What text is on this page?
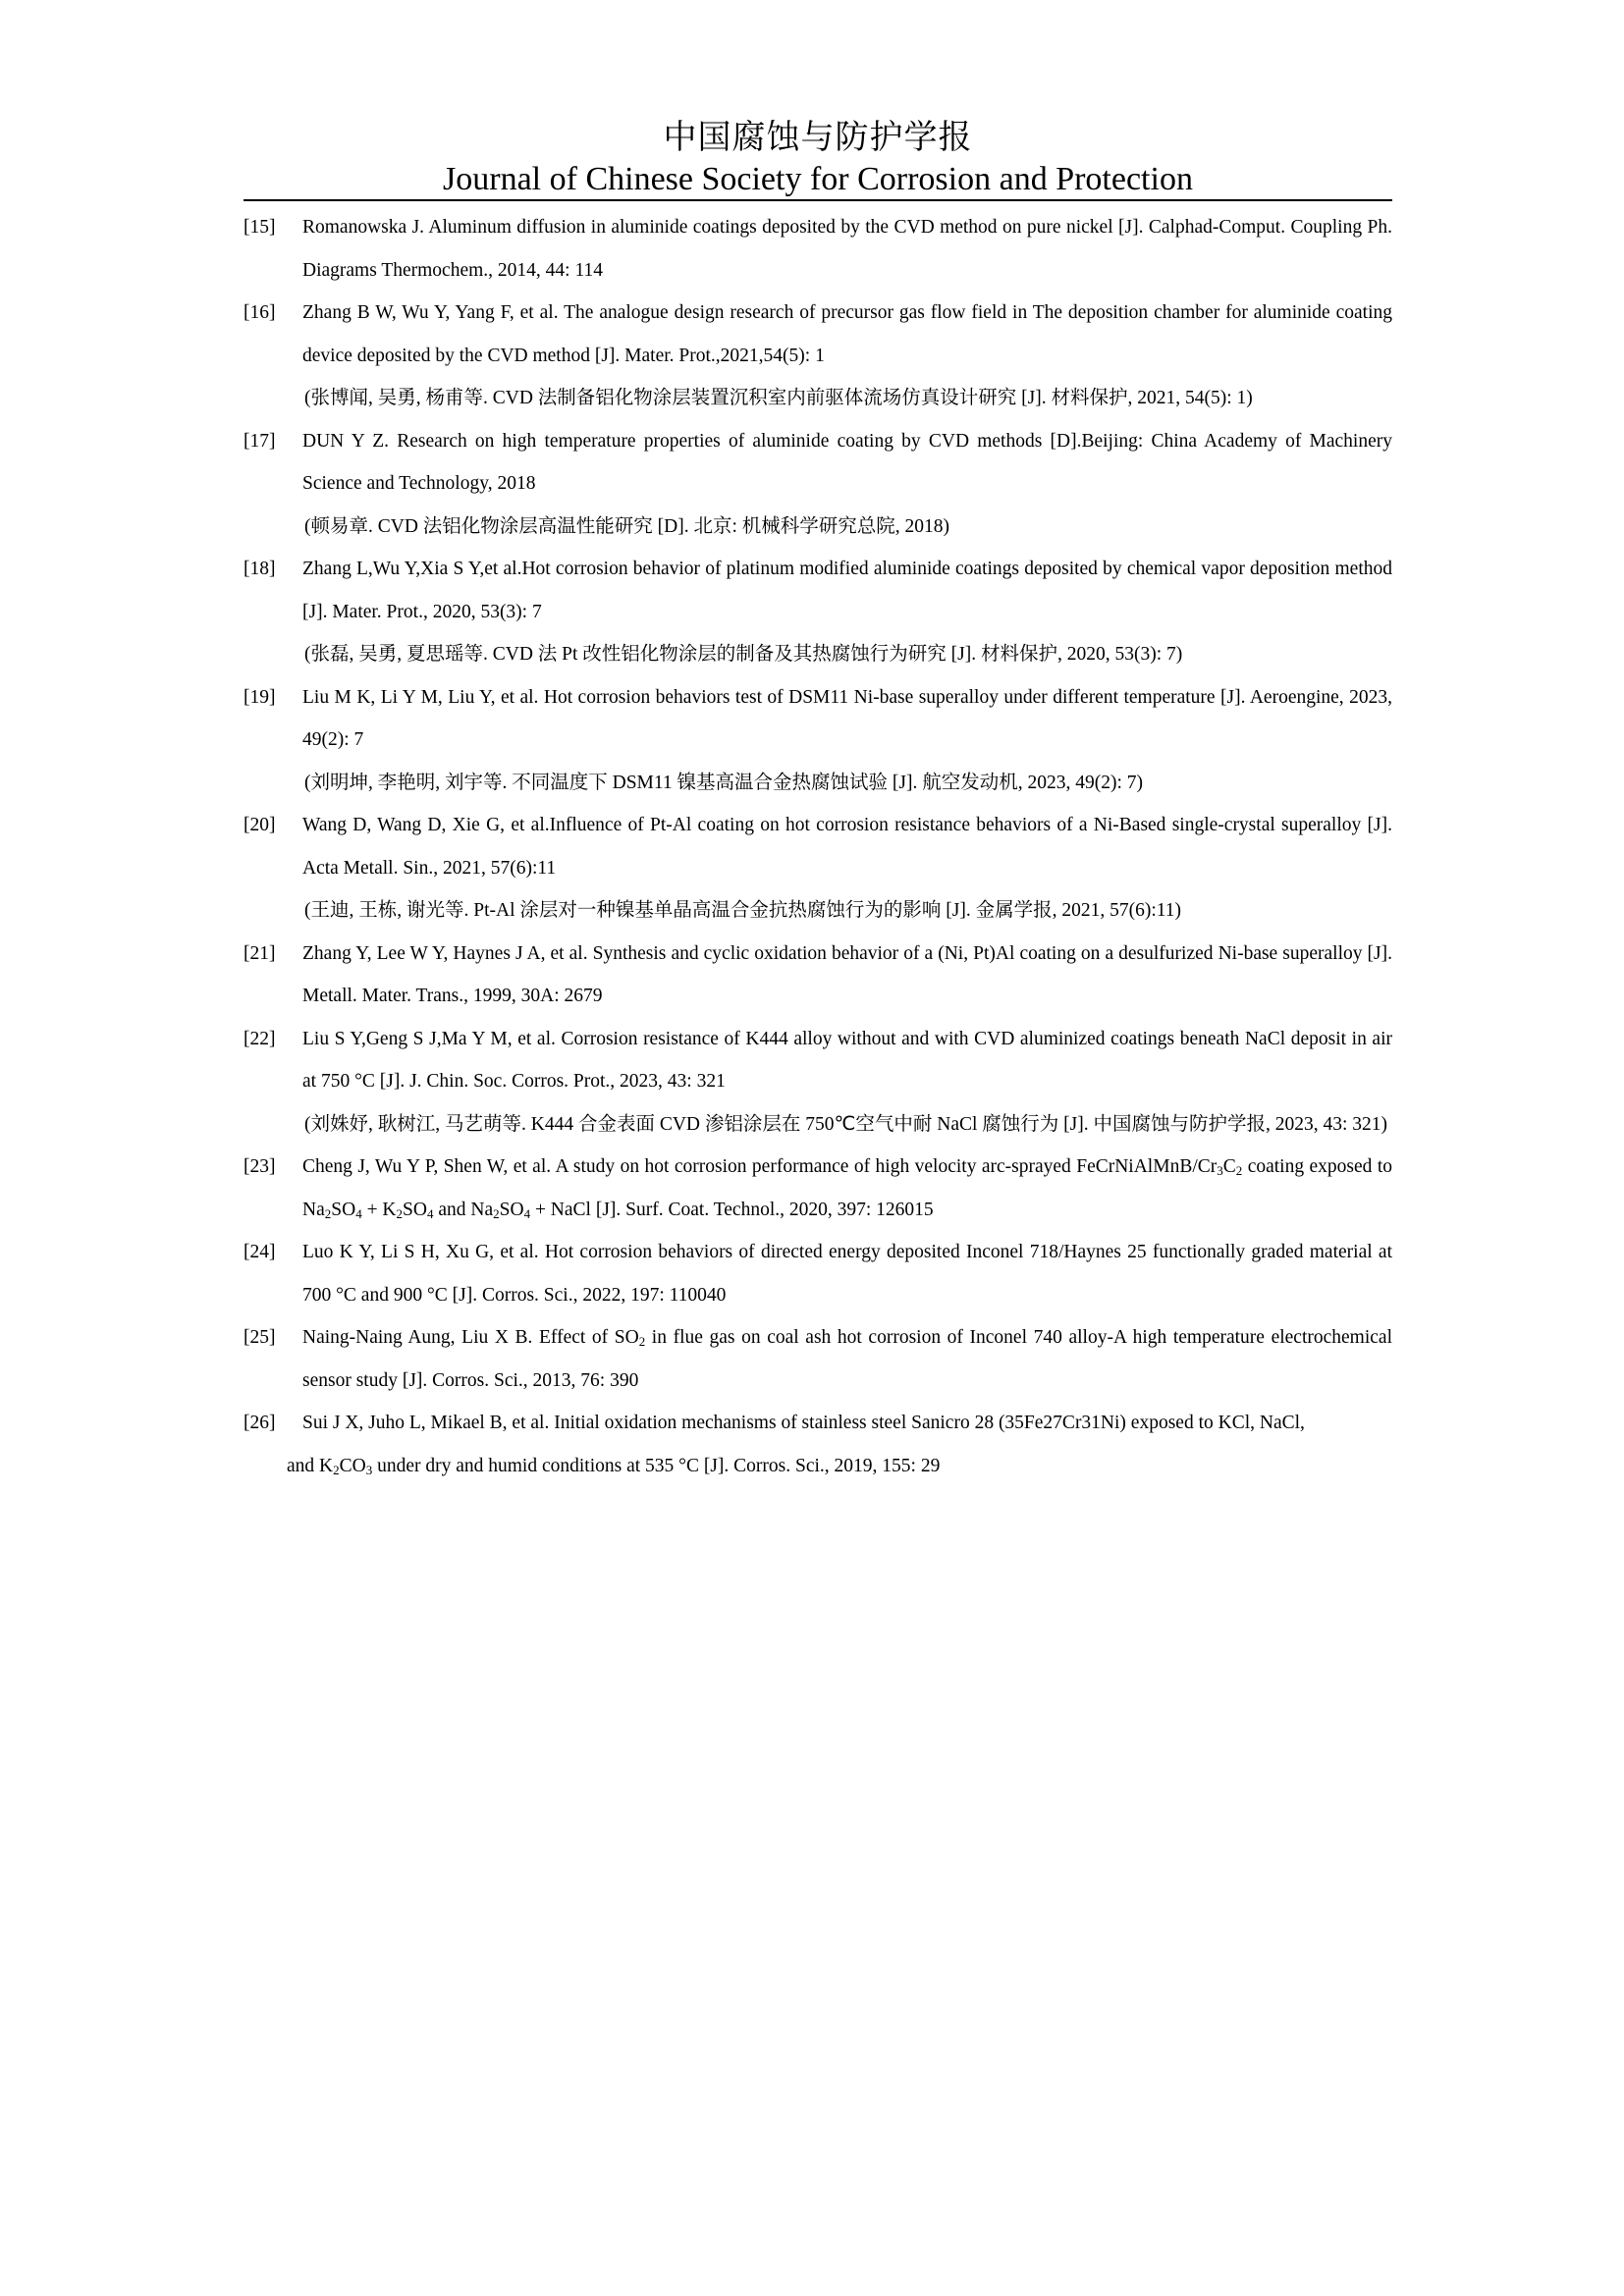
中国腐蚀与防护学报
Journal of Chinese Society for Corrosion and Protection
[15] Romanowska J. Aluminum diffusion in aluminide coatings deposited by the CVD method on pure nickel [J]. Calphad-Comput. Coupling Ph. Diagrams Thermochem., 2014, 44: 114
[16] Zhang B W, Wu Y, Yang F, et al. The analogue design research of precursor gas flow field in The deposition chamber for aluminide coating device deposited by the CVD method [J]. Mater. Prot.,2021,54(5): 1
(张博闻, 吴勇, 杨甫等. CVD 法制备铝化物涂层装置沉积室内前驱体流场仿真设计研究 [J]. 材料保护, 2021, 54(5): 1)
[17] DUN Y Z. Research on high temperature properties of aluminide coating by CVD methods [D].Beijing: China Academy of Machinery Science and Technology, 2018
(顿易章. CVD 法铝化物涂层高温性能研究 [D]. 北京: 机械科学研究总院, 2018)
[18] Zhang L,Wu Y,Xia S Y,et al.Hot corrosion behavior of platinum modified aluminide coatings deposited by chemical vapor deposition method [J]. Mater. Prot., 2020, 53(3): 7
(张磊, 吴勇, 夏思瑶等. CVD 法 Pt 改性铝化物涂层的制备及其热腐蚀行为研究 [J]. 材料保护, 2020, 53(3): 7)
[19] Liu M K, Li Y M, Liu Y, et al. Hot corrosion behaviors test of DSM11 Ni-base superalloy under different temperature [J]. Aeroengine, 2023, 49(2): 7
(刘明坤, 李艳明, 刘宇等. 不同温度下 DSM11 镍基高温合金热腐蚀试验 [J]. 航空发动机, 2023, 49(2): 7)
[20] Wang D, Wang D, Xie G, et al.Influence of Pt-Al coating on hot corrosion resistance behaviors of a Ni-Based single-crystal superalloy [J]. Acta Metall. Sin., 2021, 57(6):11
(王迪, 王栋, 谢光等. Pt-Al 涂层对一种镍基单晶高温合金抗热腐蚀行为的影响 [J]. 金属学报, 2021, 57(6):11)
[21] Zhang Y, Lee W Y, Haynes J A, et al. Synthesis and cyclic oxidation behavior of a (Ni, Pt)Al coating on a desulfurized Ni-base superalloy [J]. Metall. Mater. Trans., 1999, 30A: 2679
[22] Liu S Y,Geng S J,Ma Y M, et al. Corrosion resistance of K444 alloy without and with CVD aluminized coatings beneath NaCl deposit in air at 750 °C [J]. J. Chin. Soc. Corros. Prot., 2023, 43: 321
(刘姝妤, 耿树江, 马艺萌等. K444 合金表面 CVD 渗铝涂层在 750℃空气中耐 NaCl 腐蚀行为 [J]. 中国腐蚀与防护学报, 2023, 43: 321)
[23] Cheng J, Wu Y P, Shen W, et al. A study on hot corrosion performance of high velocity arc-sprayed FeCrNiAlMnB/$Cr_3C_2$ coating exposed to $Na_2SO_4 + K_2SO_4$ and $Na_2SO_4$ + NaCl [J]. Surf. Coat. Technol., 2020, 397: 126015
[24] Luo K Y, Li S H, Xu G, et al. Hot corrosion behaviors of directed energy deposited Inconel 718/Haynes 25 functionally graded material at 700 °C and 900 °C [J]. Corros. Sci., 2022, 197: 110040
[25] Naing-Naing Aung, Liu X B. Effect of $SO_2$ in flue gas on coal ash hot corrosion of Inconel 740 alloy-A high temperature electrochemical sensor study [J]. Corros. Sci., 2013, 76: 390
[26]	Sui J X, Juho L, Mikael B, et al. Initial oxidation mechanisms of stainless steel Sanicro 28 (35Fe27Cr31Ni) exposed to KCl, NaCl,
and $K_2CO_3$ under dry and humid conditions at 535 °C [J]. Corros. Sci., 2019, 155: 29
